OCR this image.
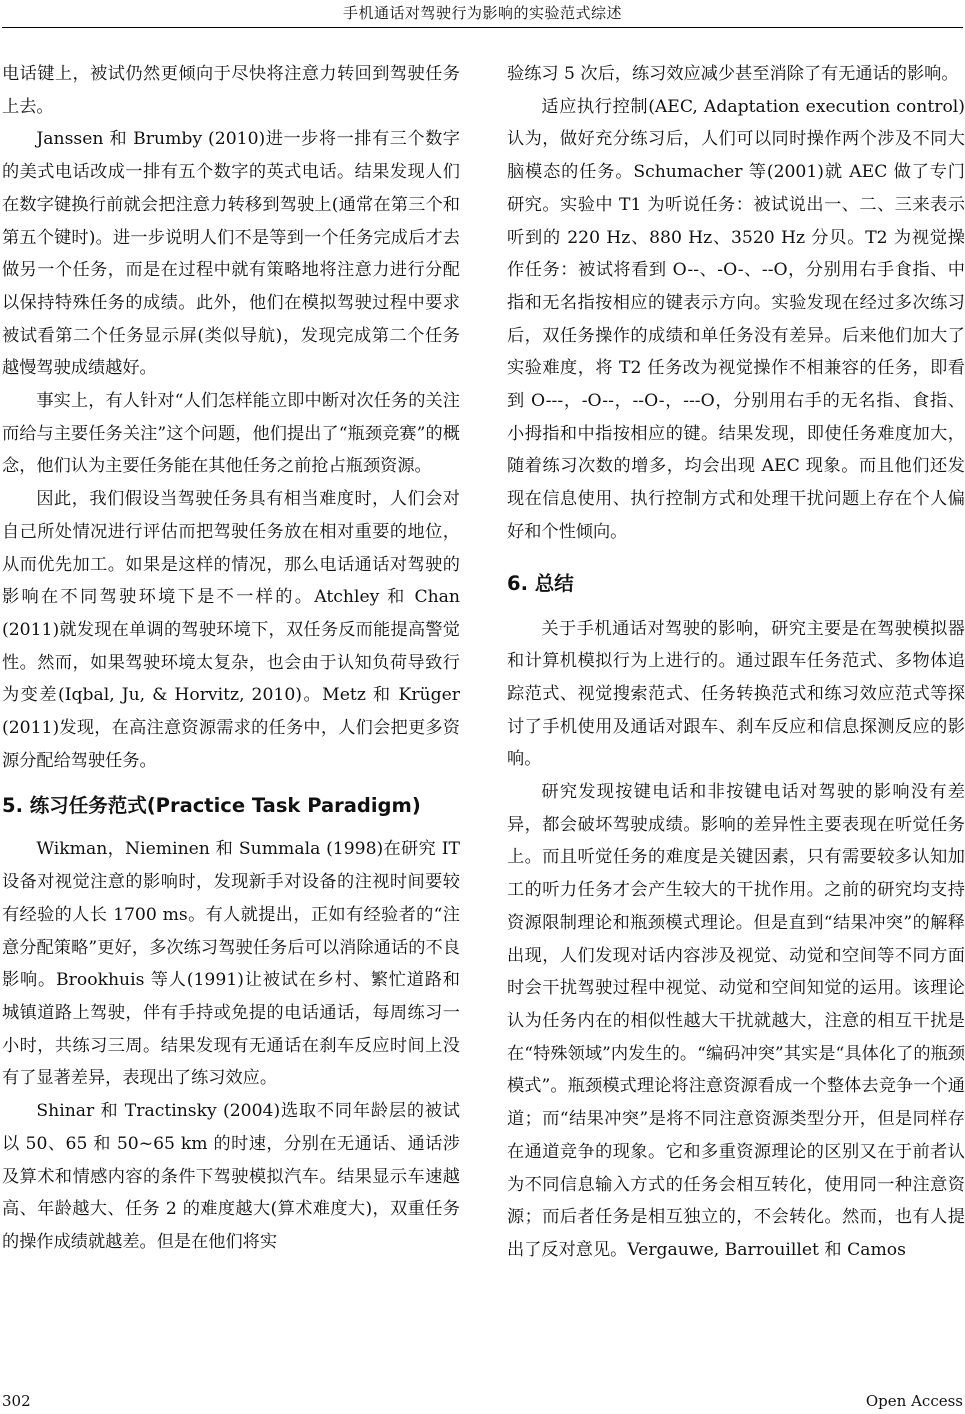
手机通话对驾驶行为影响的实验范式综述

电话键上，被试仍然更倾向于尽快将注意力转回到驾驶任务上去。

Janssen 和 Brumby (2010)进一步将一排有三个数字的美式电话改成一排有五个数字的英式电话。结果发现人们在数字键换行前就会把注意力转移到驾驶上(通常在第三个和第五个键时)。进一步说明人们不是等到一个任务完成后才去做另一个任务，而是在过程中就有策略地将注意力进行分配以保持特殊任务的成绩。此外，他们在模拟驾驶过程中要求被试看第二个任务显示屏(类似导航)，发现完成第二个任务越慢驾驶成绩越好。

事实上，有人针对“人们怎样能立即中断对次任务的关注而给与主要任务关注”这个问题，他们提出了“瓶颈竞赛”的概念，他们认为主要任务能在其他任务之前抢占瓶颈资源。

因此，我们假设当驾驶任务具有相当难度时，人们会对自己所处情况进行评估而把驾驶任务放在相对重要的地位，从而优先加工。如果是这样的情况，那么电话通话对驾驶的影响在不同驾驶环境下是不一样的。Atchley 和 Chan (2011)就发现在单调的驾驶环境下，双任务反而能提高警觉性。然而，如果驾驶环境太复杂，也会由于认知负荷导致行为变差(Iqbal, Ju, & Horvitz, 2010)。Metz 和 Krüger (2011)发现，在高注意资源需求的任务中，人们会把更多资源分配给驾驶任务。

5. 练习任务范式(Practice Task Paradigm)

Wikman，Nieminen 和 Summala (1998)在研究 IT 设备对视觉注意的影响时，发现新手对设备的注视时间要较有经验的人长 1700 ms。有人就提出，正如有经验者的“注意分配策略”更好，多次练习驾驶任务后可以消除通话的不良影响。Brookhuis 等人(1991)让被试在乡村、繁忙道路和城镇道路上驾驶，伴有手持或免提的电话通话，每周练习一小时，共练习三周。结果发现有无通话在刹车反应时间上没有了显著差异，表现出了练习效应。

Shinar 和 Tractinsky (2004)选取不同年龄层的被试以 50、65 和 50~65 km 的时速，分别在无通话、通话涉及算术和情感内容的条件下驾驶模拟汽车。结果显示车速越高、年龄越大、任务 2 的难度越大(算术难度大)，双重任务的操作成绩就越差。但是在他们将实

验练习 5 次后，练习效应减少甚至消除了有无通话的影响。

适应执行控制(AEC, Adaptation execution control)认为，做好充分练习后，人们可以同时操作两个涉及不同大脑模态的任务。Schumacher 等(2001)就 AEC 做了专门研究。实验中 T1 为听说任务：被试说出一、二、三来表示听到的 220 Hz、880 Hz、3520 Hz 分贝。T2 为视觉操作任务：被试将看到 O--、-O-、--O，分别用右手食指、中指和无名指按相应的键表示方向。实验发现在经过多次练习后，双任务操作的成绩和单任务没有差异。后来他们加大了实验难度，将 T2 任务改为视觉操作不相兼容的任务，即看到 O---，-O--，--O-，---O，分别用右手的无名指、食指、小拇指和中指按相应的键。结果发现，即使任务难度加大，随着练习次数的增多，均会出现 AEC 现象。而且他们还发现在信息使用、执行控制方式和处理干扰问题上存在个人偏好和个性倾向。

6. 总结

关于手机通话对驾驶的影响，研究主要是在驾驶模拟器和计算机模拟行为上进行的。通过跟车任务范式、多物体追踪范式、视觉搜索范式、任务转换范式和练习效应范式等探讨了手机使用及通话对跟车、刹车反应和信息探测反应的影响。

研究发现按键电话和非按键电话对驾驶的影响没有差异，都会破坏驾驶成绩。影响的差异性主要表现在听觉任务上。而且听觉任务的难度是关键因素，只有需要较多认知加工的听力任务才会产生较大的干扰作用。之前的研究均支持资源限制理论和瓶颈模式理论。但是直到“结果冲突”的解释出现，人们发现对话内容涉及视觉、动觉和空间等不同方面时会干扰驾驶过程中视觉、动觉和空间知觉的运用。该理论认为任务内在的相似性越大干扰就越大，注意的相互干扰是在“特殊领域”内发生的。“编码冲突”其实是“具体化了的瓶颈模式”。瓶颈模式理论将注意资源看成一个整体去竞争一个通道；而“结果冲突”是将不同注意资源类型分开，但是同样存在通道竞争的现象。它和多重资源理论的区别又在于前者认为不同信息输入方式的任务会相互转化，使用同一种注意资源；而后者任务是相互独立的，不会转化。然而，也有人提出了反对意见。Vergauwe, Barrouillet 和 Camos

302	Open Access
